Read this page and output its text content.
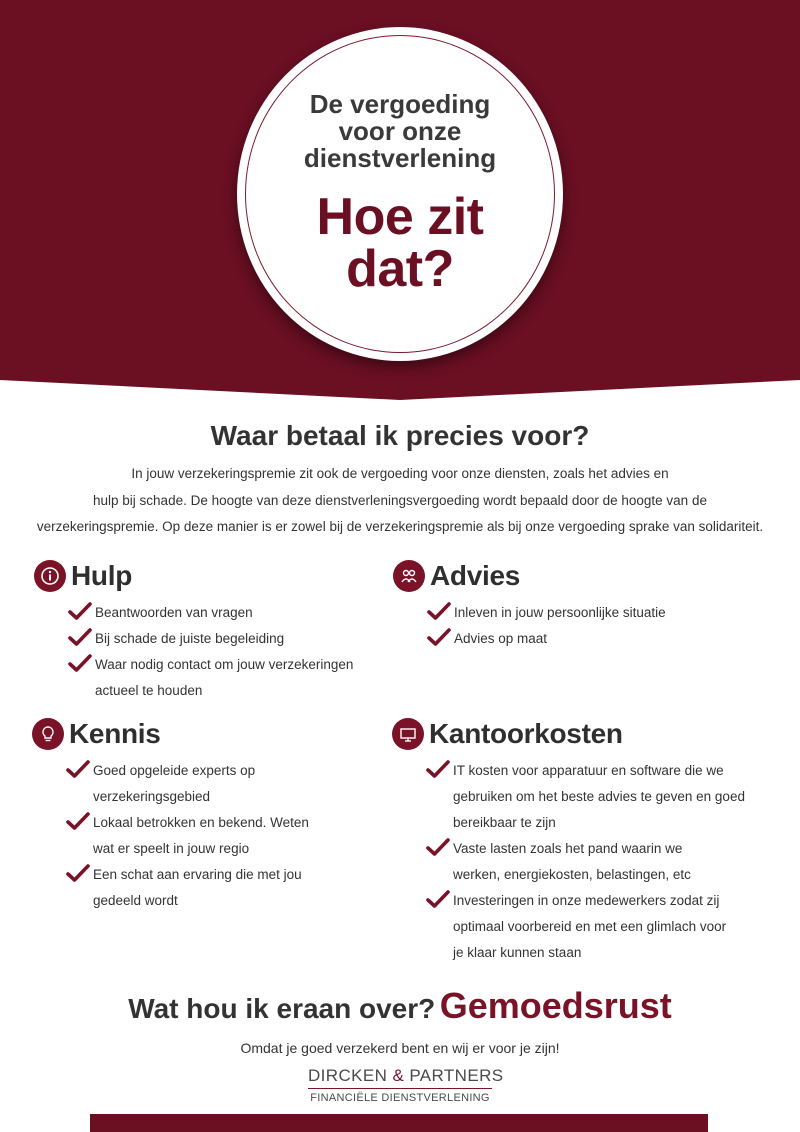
De vergoeding
voor onze
dienstverlening
Hoe zit
dat?
Waar betaal ik precies voor?
In jouw verzekeringspremie zit ook de vergoeding voor onze diensten, zoals het advies en
hulp bij schade. De hoogte van deze dienstverleningsvergoeding wordt bepaald door de hoogte van de
verzekeringspremie. Op deze manier is er zowel bij de verzekeringspremie als bij onze vergoeding sprake van solidariteit.
Hulp
Beantwoorden van vragen
Bij schade de juiste begeleiding
Waar nodig contact om jouw verzekeringen
actueel te houden
Advies
Inleven in jouw persoonlijke situatie
Advies op maat
Kennis
Goed opgeleide experts op
verzekeringsgebied
Lokaal betrokken en bekend. Weten
wat er speelt in jouw regio
Een schat aan ervaring die met jou
gedeeld wordt
Kantoorkosten
IT kosten voor apparatuur en software die we
gebruiken om het beste advies te geven en goed
bereikbaar te zijn
Vaste lasten zoals het pand waarin we
werken, energiekosten, belastingen, etc
Investeringen in onze medewerkers zodat zij
optimaal voorbereid en met een glimlach voor
je klaar kunnen staan
Wat hou ik eraan over? Gemoedsrust
Omdat je goed verzekerd bent en wij er voor je zijn!
DIRCKEN & PARTNERS
FINANCIËLE DIENSTVERLENING
